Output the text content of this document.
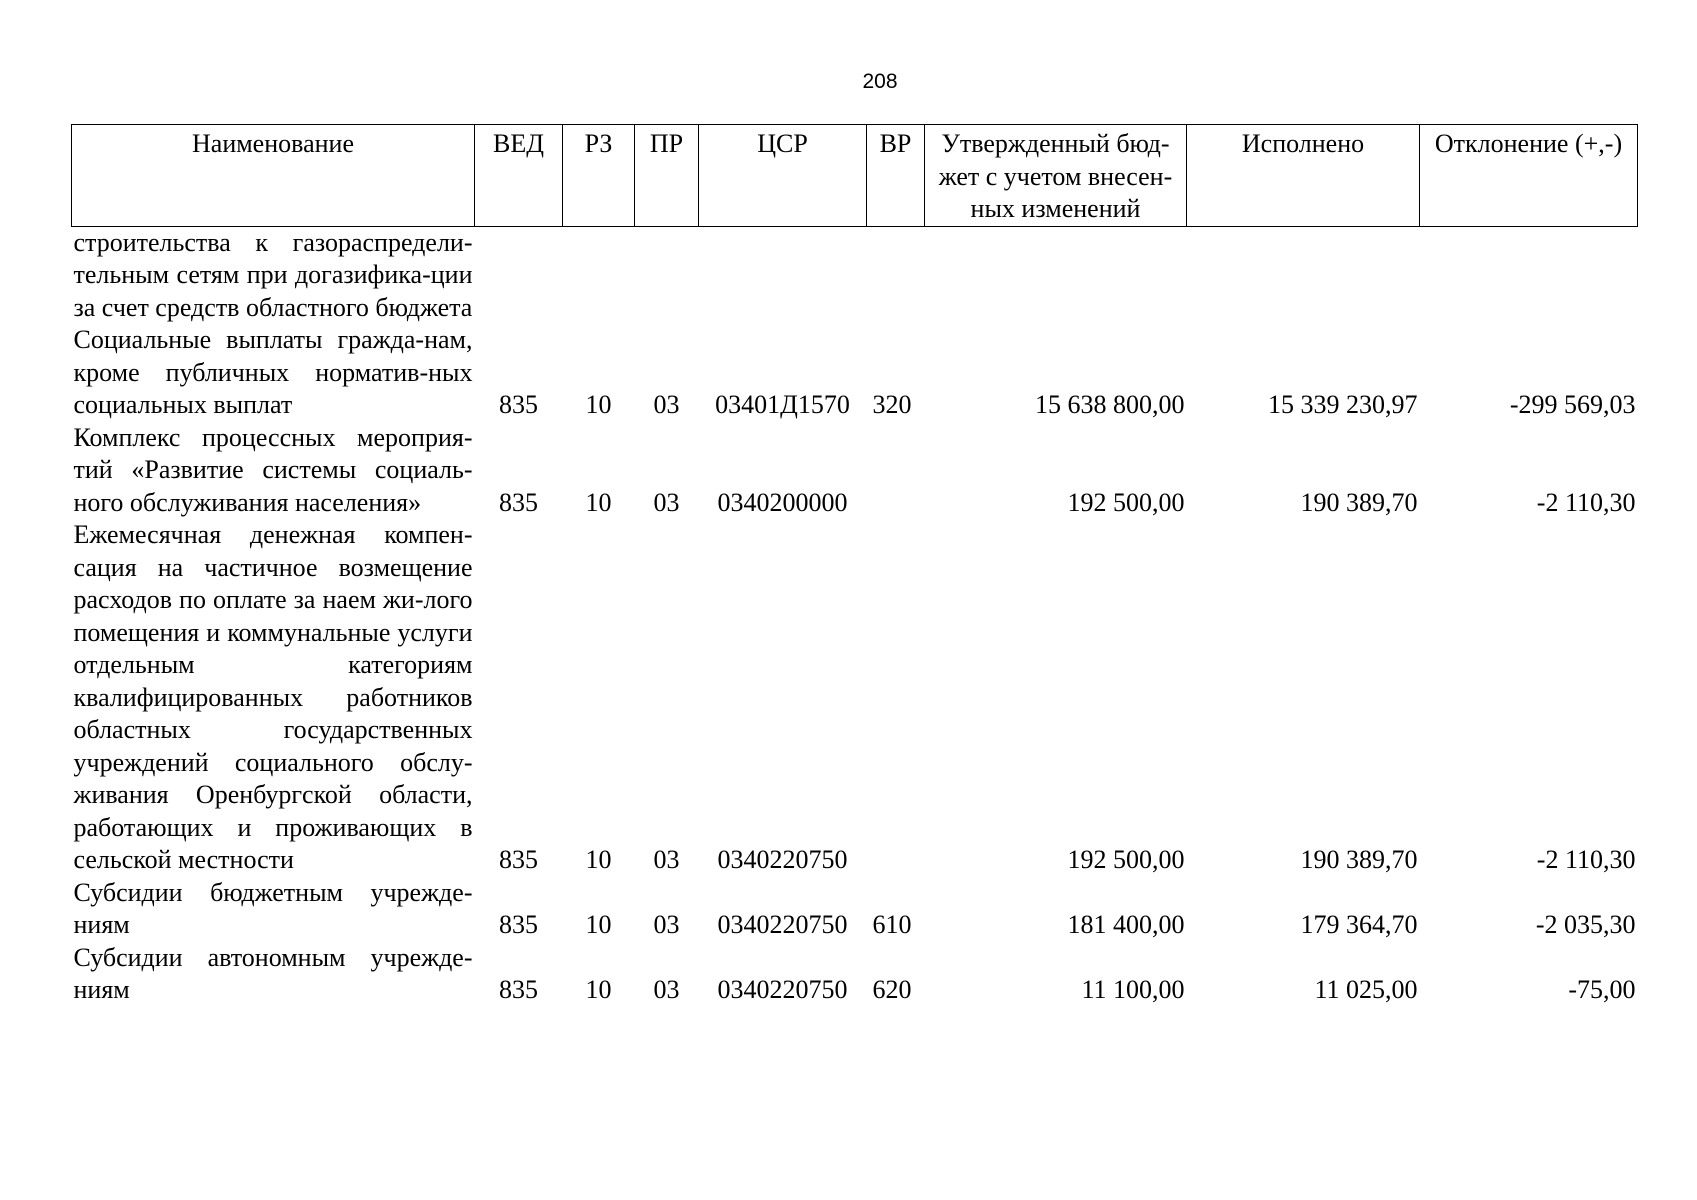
208
Наименование	ВЕД	РЗ	ПР	ЦСР	ВР	Утвержденный бюд-жет с учетом внесен-ных изменений	Исполнено	Отклонение (+,-)
строительства к газораспредели-тельным сетям при догазифика-ции за счет средств областного бюджета								
Социальные выплаты гражда-нам, кроме публичных норматив-ных социальных выплат	835	10	03	03401Д1570	320	15 638 800,00	15 339 230,97	-299 569,03
Комплекс процессных мероприя-тий «Развитие системы социаль-ного обслуживания населения»	835	10	03	0340200000		192 500,00	190 389,70	-2 110,30
Ежемесячная денежная компен-сация на частичное возмещение расходов по оплате за наем жи-лого помещения и коммунальные услуги отдельным категориям квалифицированных работников областных государственных учреждений социального обслу-живания Оренбургской области, работающих и проживающих в сельской местности	835	10	03	0340220750		192 500,00	190 389,70	-2 110,30
Субсидии бюджетным учрежде-ниям	835	10	03	0340220750	610	181 400,00	179 364,70	-2 035,30
Субсидии автономным учрежде-ниям	835	10	03	0340220750	620	11 100,00	11 025,00	-75,00
